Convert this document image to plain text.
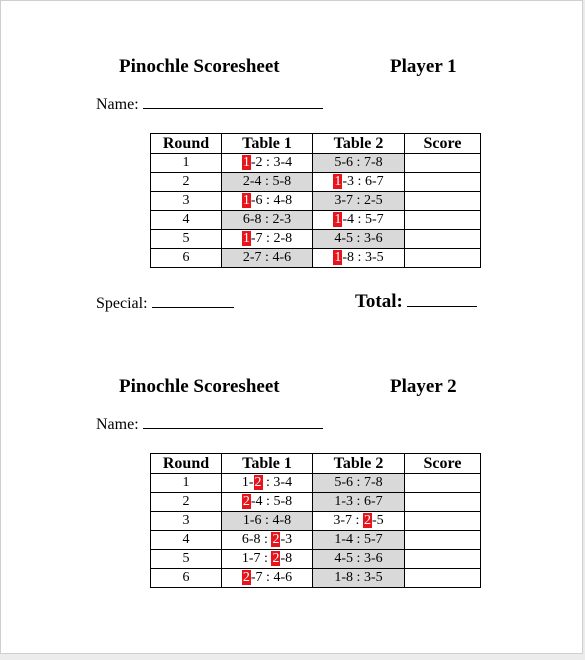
Pinochle Scoresheet	Player 1
Name:
Round	Table 1	Table 2	Score
1	1-2 : 3-4	5-6 : 7-8	
2	2-4 : 5-8	1-3 : 6-7	
3	1-6 : 4-8	3-7 : 2-5	
4	6-8 : 2-3	1-4 : 5-7	
5	1-7 : 2-8	4-5 : 3-6	
6	2-7 : 4-6	1-8 : 3-5	
Special:	Total:
Pinochle Scoresheet	Player 2
Name:
Round	Table 1	Table 2	Score
1	1-2 : 3-4	5-6 : 7-8	
2	2-4 : 5-8	1-3 : 6-7	
3	1-6 : 4-8	3-7 : 2-5	
4	6-8 : 2-3	1-4 : 5-7	
5	1-7 : 2-8	4-5 : 3-6	
6	2-7 : 4-6	1-8 : 3-5	
